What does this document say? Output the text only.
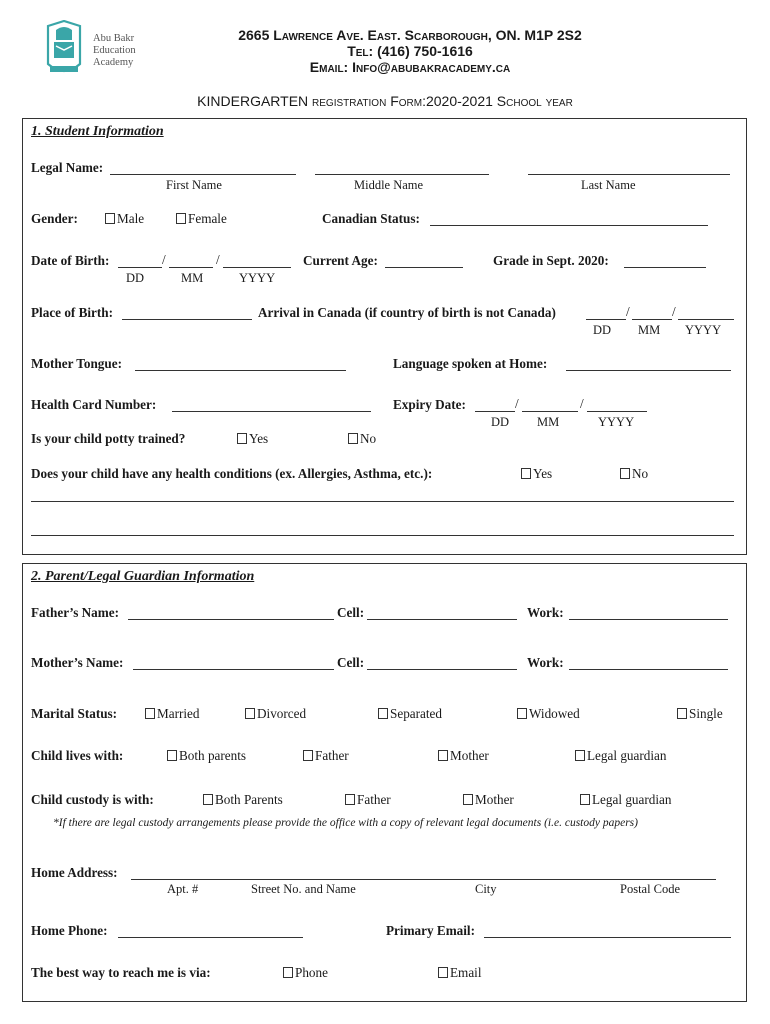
Abu Bakr
Education
Academy
2665 Lawrence Ave. East. Scarborough, ON. M1P 2S2
Tel: (416) 750-1616
Email: Info@abubakracademy.ca
KINDERGARTEN registration Form:2020-2021 School year
1. Student Information
Legal Name:
First Name	Middle Name	Last Name
Gender:	Male	Female	Canadian Status:
Date of Birth:	/	/
DD	MM	YYYY
Current Age:	Grade in Sept. 2020:
Place of Birth:	Arrival in Canada (if country of birth is not Canada)	/	/
DD MM YYYY
Mother Tongue:	Language spoken at Home:
Health Card Number:	Expiry Date:	/	/
DD MM	YYYY
Is your child potty trained?	Yes	No
Does your child have any health conditions (ex. Allergies, Asthma, etc.):	Yes	No
2. Parent/Legal Guardian Information
Father’s Name:	Cell:	Work:
Mother’s Name:	Cell:	Work:
Marital Status:	Married	Divorced	Separated	Widowed	Single
Child lives with:	Both parents	Father	Mother	Legal guardian
Child custody is with:	Both Parents	Father	Mother	Legal guardian
*If there are legal custody arrangements please provide the office with a copy of relevant legal documents (i.e. custody papers)
Home Address:
Apt. #	Street No. and Name	City	Postal Code
Home Phone:	Primary Email:
The best way to reach me is via:	Phone	Email
